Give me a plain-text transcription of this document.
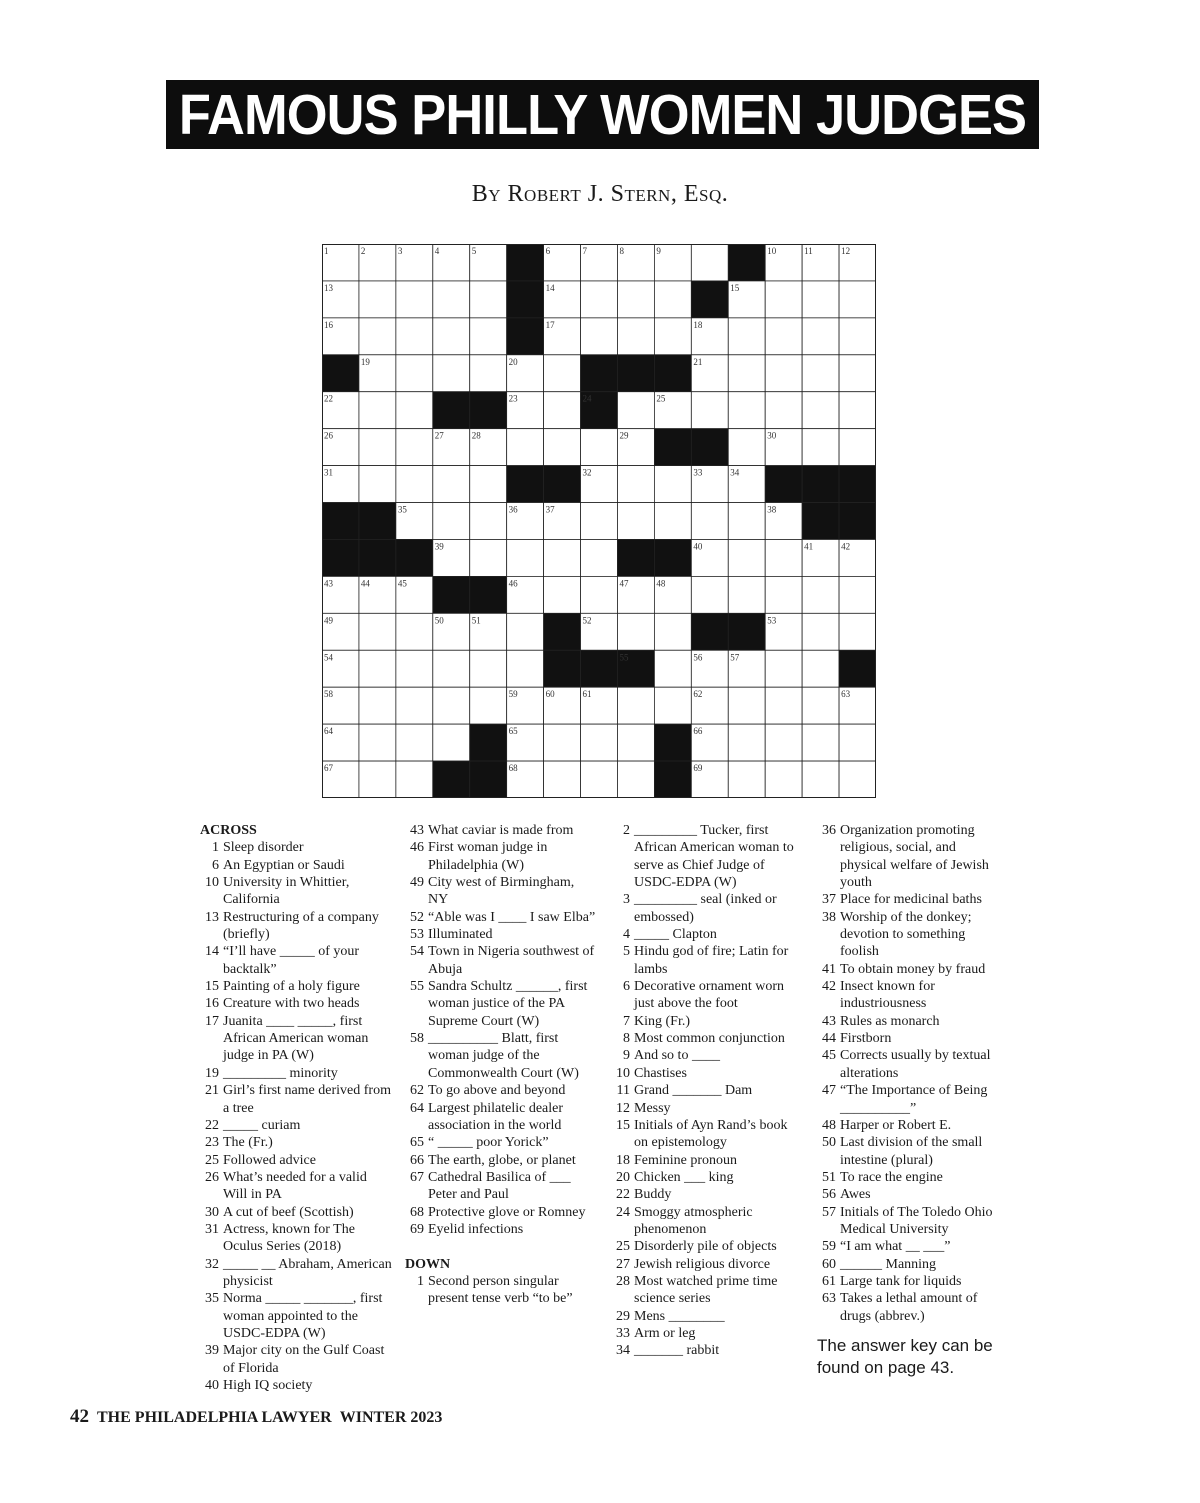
FAMOUS PHILLY WOMEN JUDGES
By Robert J. Stern, Esq.
1	2	3	4	5	6	7	8	9	10	11	12
13	14	15
16	17	18
19	20	21
22	23	24	25
26	27	28	29	30
31	32	33	34
35	36	37	38
39	40	41	42
43	44	45	46	47	48
49	50	51	52	53
54	55	56	57
58	59	60	61	62	63
64	65	66
67	68	69
ACROSS
1 Sleep disorder
6 An Egyptian or Saudi
10 University in Whittier, California
13 Restructuring of a company (briefly)
14 “I’ll have _____ of your backtalk”
15 Painting of a holy figure
16 Creature with two heads
17 Juanita ____ _____, first African American woman judge in PA (W)
19 _________ minority
21 Girl’s first name derived from a tree
22 _____ curiam
23 The (Fr.)
25 Followed advice
26 What’s needed for a valid Will in PA
30 A cut of beef (Scottish)
31 Actress, known for The Oculus Series (2018)
32 _____ __ Abraham, American physicist
35 Norma _____ _______, first woman appointed to the USDC-EDPA (W)
39 Major city on the Gulf Coast of Florida
40 High IQ society
43 What caviar is made from
46 First woman judge in Philadelphia (W)
49 City west of Birmingham, NY
52 “Able was I ____ I saw Elba”
53 Illuminated
54 Town in Nigeria southwest of Abuja
55 Sandra Schultz ______, first woman justice of the PA Supreme Court (W)
58 __________ Blatt, first woman judge of the Commonwealth Court (W)
62 To go above and beyond
64 Largest philatelic dealer association in the world
65 “ _____ poor Yorick”
66 The earth, globe, or planet
67 Cathedral Basilica of ___ Peter and Paul
68 Protective glove or Romney
69 Eyelid infections
DOWN
1 Second person singular present tense verb “to be”
2 _________ Tucker, first African American woman to serve as Chief Judge of USDC-EDPA (W)
3 _________ seal (inked or embossed)
4 _____ Clapton
5 Hindu god of fire; Latin for lambs
6 Decorative ornament worn just above the foot
7 King (Fr.)
8 Most common conjunction
9 And so to ____
10 Chastises
11 Grand _______ Dam
12 Messy
15 Initials of Ayn Rand’s book on epistemology
18 Feminine pronoun
20 Chicken ___ king
22 Buddy
24 Smoggy atmospheric phenomenon
25 Disorderly pile of objects
27 Jewish religious divorce
28 Most watched prime time science series
29 Mens ________
33 Arm or leg
34 _______ rabbit
36 Organization promoting religious, social, and physical welfare of Jewish youth
37 Place for medicinal baths
38 Worship of the donkey; devotion to something foolish
41 To obtain money by fraud
42 Insect known for industriousness
43 Rules as monarch
44 Firstborn
45 Corrects usually by textual alterations
47 “The Importance of Being __________”
48 Harper or Robert E.
50 Last division of the small intestine (plural)
51 To race the engine
56 Awes
57 Initials of The Toledo Ohio Medical University
59 “I am what __ ___”
60 ______ Manning
61 Large tank for liquids
63 Takes a lethal amount of drugs (abbrev.)
The answer key can be found on page 43.
42 THE PHILADELPHIA LAWYER WINTER 2023
